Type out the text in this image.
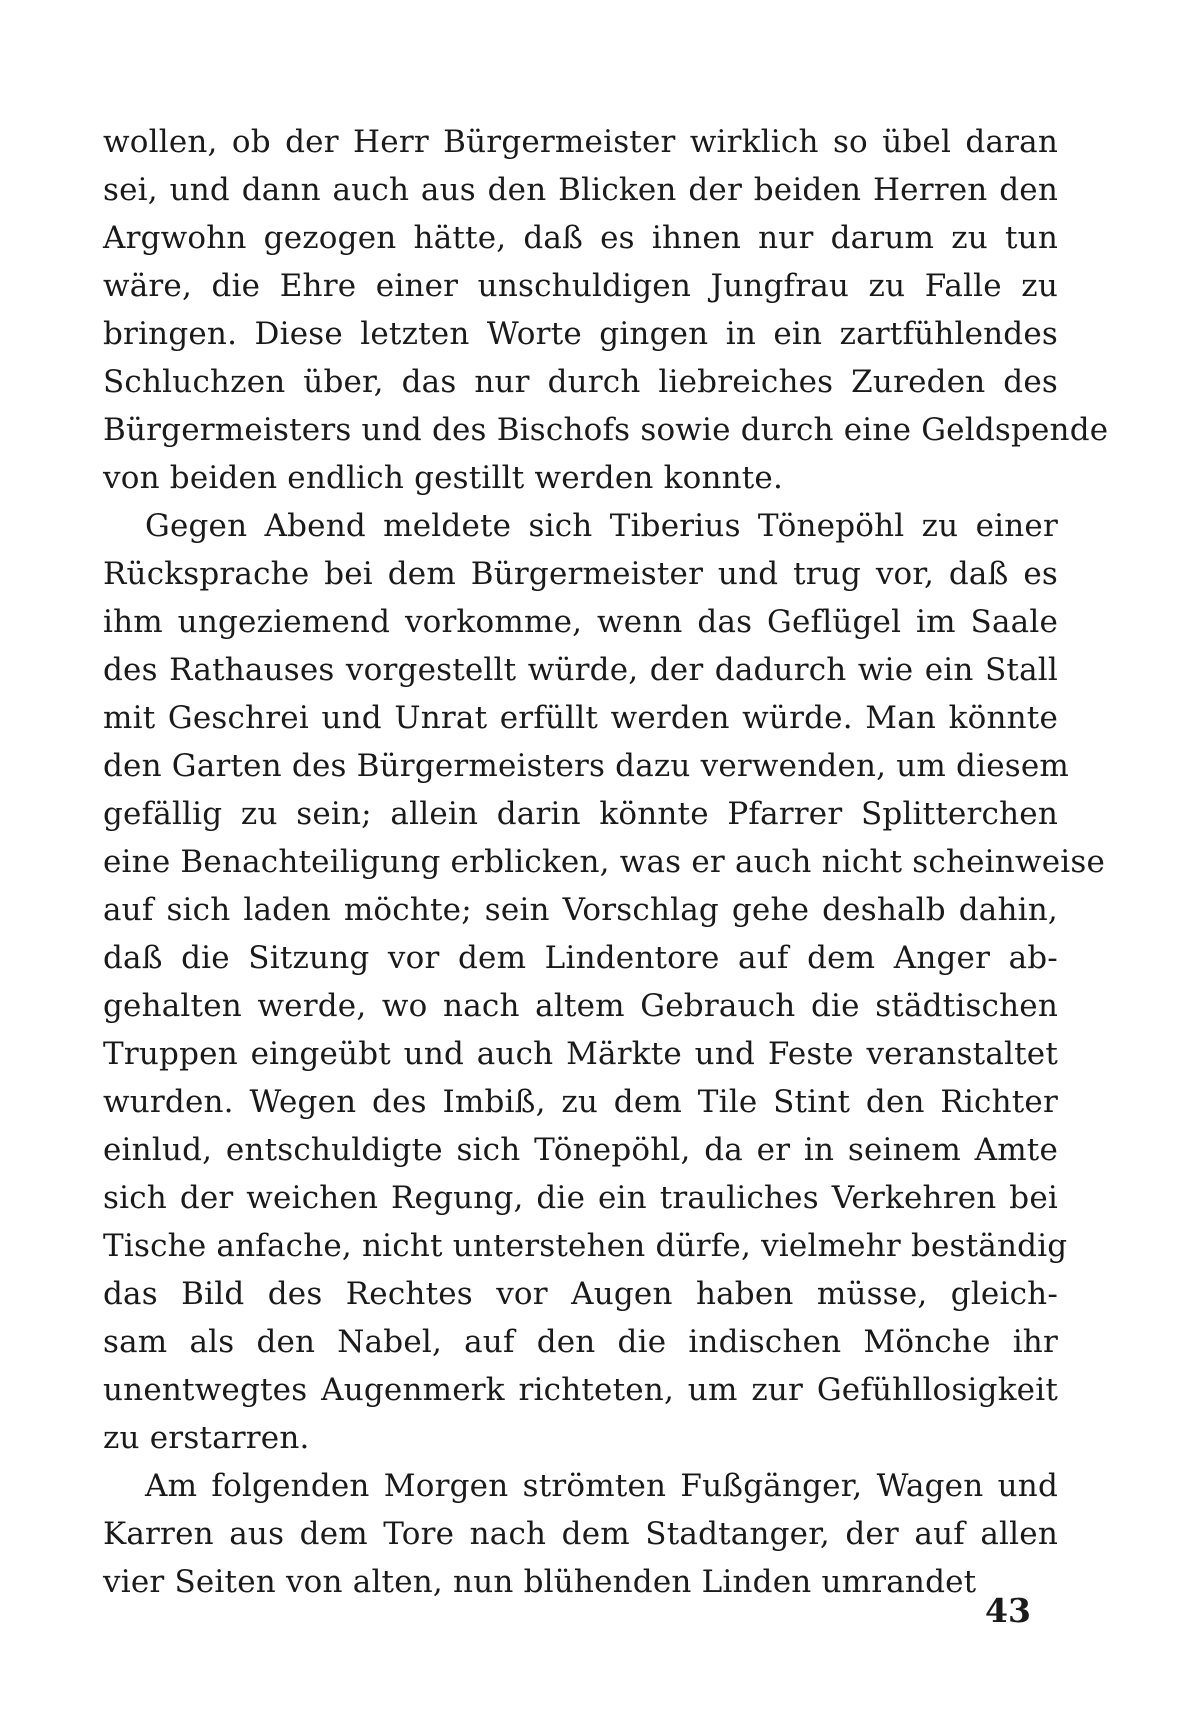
wollen, ob der Herr Bürgermeister wirklich so übel daran
sei, und dann auch aus den Blicken der beiden Herren den
Argwohn gezogen hätte, daß es ihnen nur darum zu tun
wäre, die Ehre einer unschuldigen Jungfrau zu Falle zu
bringen. Diese letzten Worte gingen in ein zartfühlendes
Schluchzen über, das nur durch liebreiches Zureden des
Bürgermeisters und des Bischofs sowie durch eine Geldspende
von beiden endlich gestillt werden konnte.
Gegen Abend meldete sich Tiberius Tönepöhl zu einer
Rücksprache bei dem Bürgermeister und trug vor, daß es
ihm ungeziemend vorkomme, wenn das Geflügel im Saale
des Rathauses vorgestellt würde, der dadurch wie ein Stall
mit Geschrei und Unrat erfüllt werden würde. Man könnte
den Garten des Bürgermeisters dazu verwenden, um diesem
gefällig zu sein; allein darin könnte Pfarrer Splitterchen
eine Benachteiligung erblicken, was er auch nicht scheinweise
auf sich laden möchte; sein Vorschlag gehe deshalb dahin,
daß die Sitzung vor dem Lindentore auf dem Anger ab-
gehalten werde, wo nach altem Gebrauch die städtischen
Truppen eingeübt und auch Märkte und Feste veranstaltet
wurden. Wegen des Imbiß, zu dem Tile Stint den Richter
einlud, entschuldigte sich Tönepöhl, da er in seinem Amte
sich der weichen Regung, die ein trauliches Verkehren bei
Tische anfache, nicht unterstehen dürfe, vielmehr beständig
das Bild des Rechtes vor Augen haben müsse, gleich-
sam als den Nabel, auf den die indischen Mönche ihr
unentwegtes Augenmerk richteten, um zur Gefühllosigkeit
zu erstarren.
Am folgenden Morgen strömten Fußgänger, Wagen und
Karren aus dem Tore nach dem Stadtanger, der auf allen
vier Seiten von alten, nun blühenden Linden umrandet
43
